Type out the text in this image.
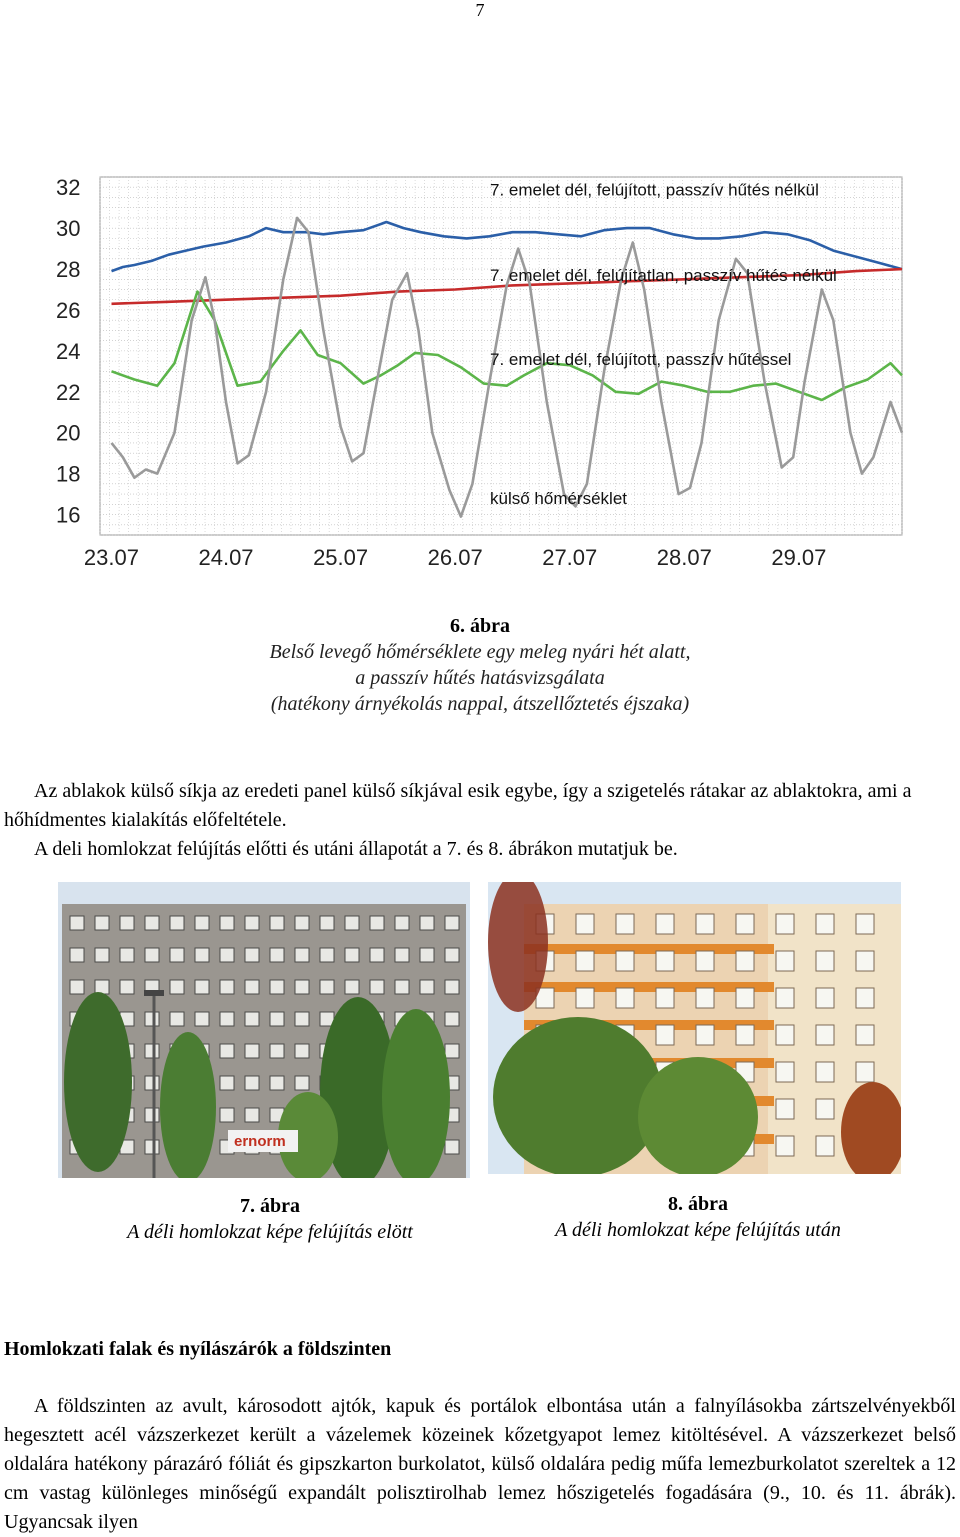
7
32
30
28
26
24
22
20
18
16
23.07	24.07	25.07	26.07	27.07	28.07	29.07
7. emelet dél, felújított, passzív hűtés nélkül
7. emelet dél, felújítatlan, passzív hűtés nélkül
7. emelet dél, felújított, passzív hűtéssel
külső hőmérséklet
6. ábra
Belső levegő hőmérséklete egy meleg nyári hét alatt,
a passzív hűtés hatásvizsgálata
(hatékony árnyékolás nappal, átszellőztetés éjszaka)
Az ablakok külső síkja az eredeti panel külső síkjával esik egybe, így a szigetelés rátakar az ablaktokra, ami a hőhídmentes kialakítás előfeltétele.
A deli homlokzat felújítás előtti és utáni állapotát a 7. és 8. ábrákon mutatjuk be.
ernorm
7. ábra
A déli homlokzat képe felújítás elött
8. ábra
A déli homlokzat képe felújítás után
Homlokzati falak és nyílászárók a földszinten
A földszinten az avult, károsodott ajtók, kapuk és portálok elbontása után a falnyílásokba zártszelvényekből hegesztett acél vázszerkezet került a vázelemek közeinek kőzetgyapot lemez kitöltésével. A vázszerkezet belső oldalára hatékony párazáró fóliát és gipszkarton burkolatot, külső oldalára pedig műfa lemezburkolatot szereltek a 12 cm vastag különleges minőségű expandált polisztirolhab lemez hőszigetelés fogadására (9., 10. és 11. ábrák). Ugyancsak ilyen
